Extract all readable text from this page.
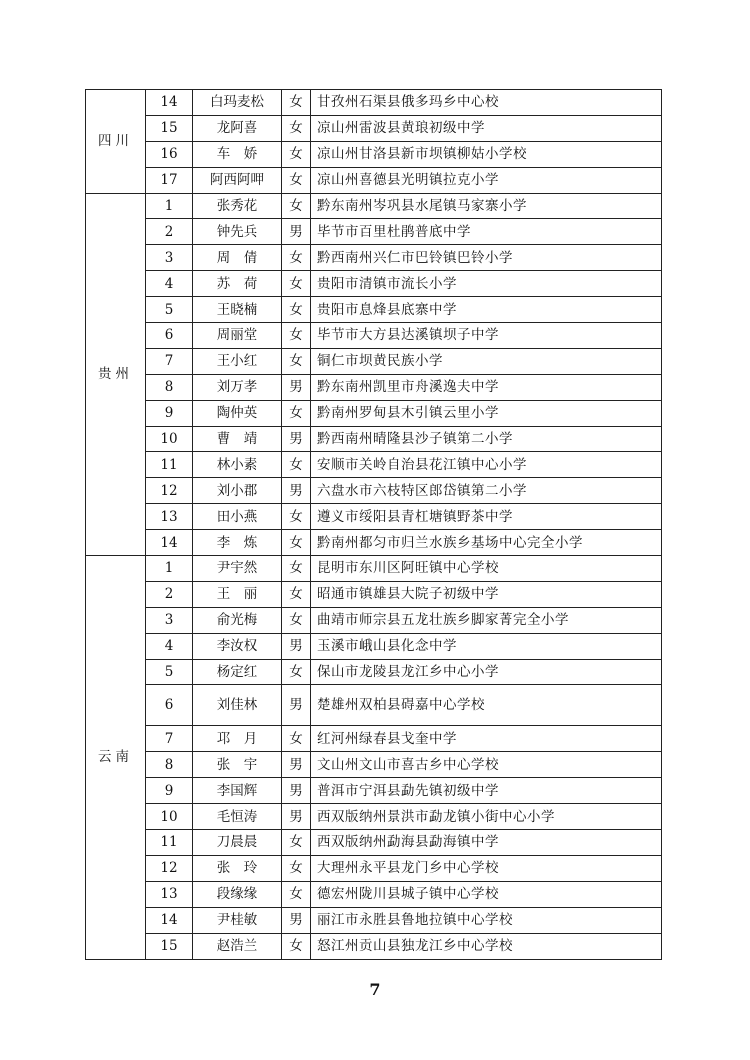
四川	14	白玛麦松	女	甘孜州石渠县俄多玛乡中心校
	15	龙阿喜	女	凉山州雷波县黄琅初级中学
	16	车　娇	女	凉山州甘洛县新市坝镇柳姑小学校
	17	阿西阿呷	女	凉山州喜德县光明镇拉克小学
贵州	1	张秀花	女	黔东南州岑巩县水尾镇马家寨小学
	2	钟先兵	男	毕节市百里杜鹃普底中学
	3	周　倩	女	黔西南州兴仁市巴铃镇巴铃小学
	4	苏　荷	女	贵阳市清镇市流长小学
	5	王晓楠	女	贵阳市息烽县底寨中学
	6	周丽堂	女	毕节市大方县达溪镇坝子中学
	7	王小红	女	铜仁市坝黄民族小学
	8	刘万孝	男	黔东南州凯里市舟溪逸夫中学
	9	陶仲英	女	黔南州罗甸县木引镇云里小学
	10	曹　靖	男	黔西南州晴隆县沙子镇第二小学
	11	林小素	女	安顺市关岭自治县花江镇中心小学
	12	刘小郡	男	六盘水市六枝特区郎岱镇第二小学
	13	田小燕	女	遵义市绥阳县青杠塘镇野茶中学
	14	李　炼	女	黔南州都匀市归兰水族乡基场中心完全小学
云南	1	尹宇然	女	昆明市东川区阿旺镇中心学校
	2	王　丽	女	昭通市镇雄县大院子初级中学
	3	俞光梅	女	曲靖市师宗县五龙壮族乡脚家菁完全小学
	4	李汝权	男	玉溪市峨山县化念中学
	5	杨定红	女	保山市龙陵县龙江乡中心小学
	6	刘佳林	男	楚雄州双柏县碍嘉中心学校
	7	邛　月	女	红河州绿春县戈奎中学
	8	张　宇	男	文山州文山市喜古乡中心学校
	9	李国辉	男	普洱市宁洱县勐先镇初级中学
	10	毛恒涛	男	西双版纳州景洪市勐龙镇小街中心小学
	11	刀晨晨	女	西双版纳州勐海县勐海镇中学
	12	张　玲	女	大理州永平县龙门乡中心学校
	13	段缘缘	女	德宏州陇川县城子镇中心学校
	14	尹桂敏	男	丽江市永胜县鲁地拉镇中心学校
	15	赵浩兰	女	怒江州贡山县独龙江乡中心学校
7
